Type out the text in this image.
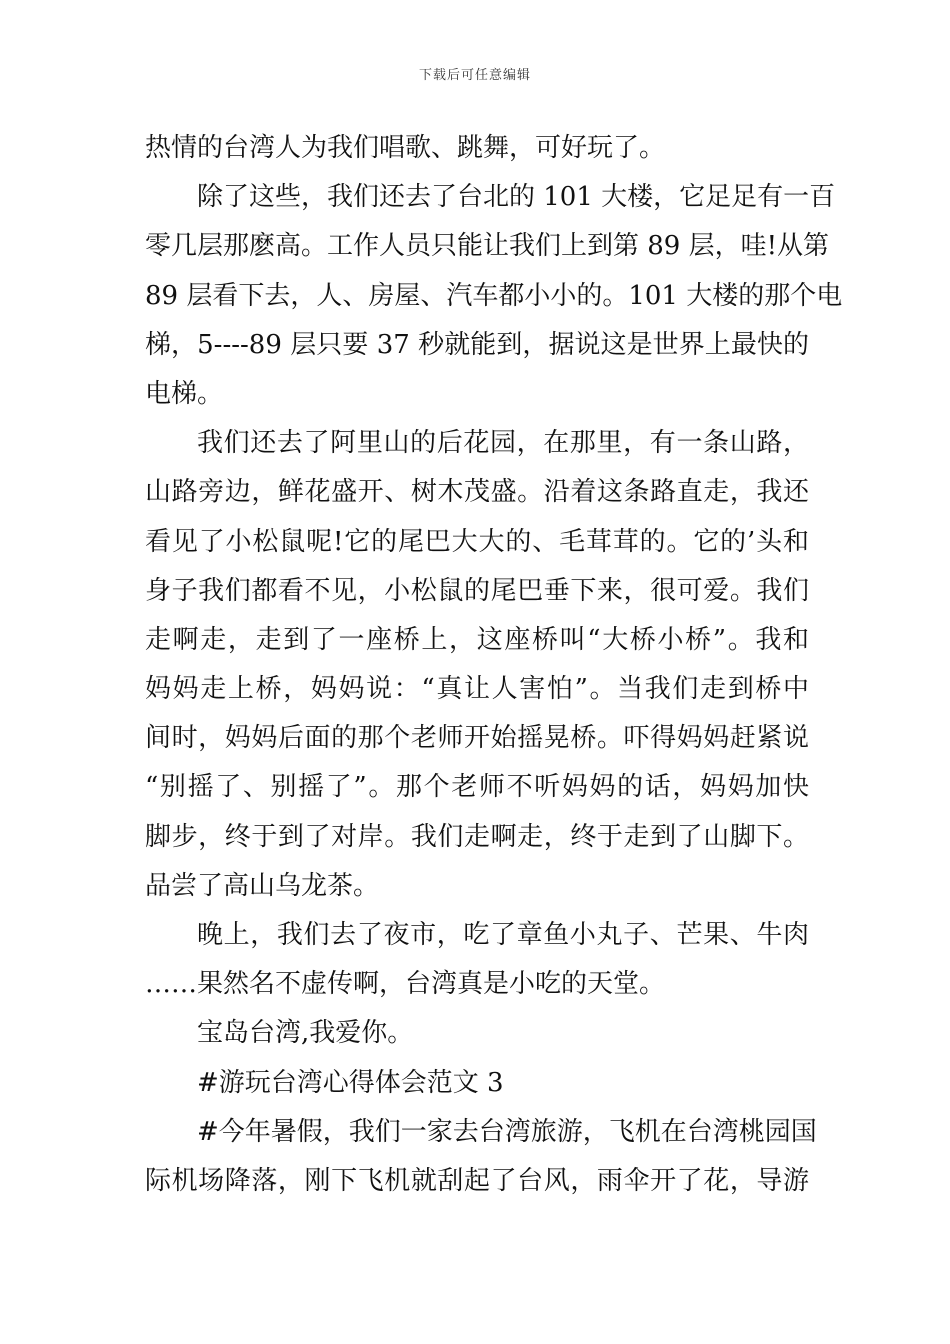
下载后可任意编辑
热情的台湾人为我们唱歌、跳舞，可好玩了。
除了这些，我们还去了台北的 101 大楼，它足足有一百
零几层那麽高。工作人员只能让我们上到第 89 层，哇!从第
89 层看下去，人、房屋、汽车都小小的。101 大楼的那个电
梯，5----89 层只要 37 秒就能到，据说这是世界上最快的
电梯。
我们还去了阿里山的后花园，在那里，有一条山路，
山路旁边，鲜花盛开、树木茂盛。沿着这条路直走，我还
看见了小松鼠呢!它的尾巴大大的、毛茸茸的。它的’头和
身子我们都看不见，小松鼠的尾巴垂下来，很可爱。我们
走啊走，走到了一座桥上，这座桥叫“大桥小桥”。我和
妈妈走上桥，妈妈说：“真让人害怕”。当我们走到桥中
间时，妈妈后面的那个老师开始摇晃桥。吓得妈妈赶紧说
“别摇了、别摇了”。那个老师不听妈妈的话，妈妈加快
脚步，终于到了对岸。我们走啊走，终于走到了山脚下。
品尝了高山乌龙茶。
晚上，我们去了夜市，吃了章鱼小丸子、芒果、牛肉
……果然名不虚传啊，台湾真是小吃的天堂。
宝岛台湾,我爱你。
#游玩台湾心得体会范文 3
#今年暑假，我们一家去台湾旅游，飞机在台湾桃园国
际机场降落，刚下飞机就刮起了台风，雨伞开了花，导游
